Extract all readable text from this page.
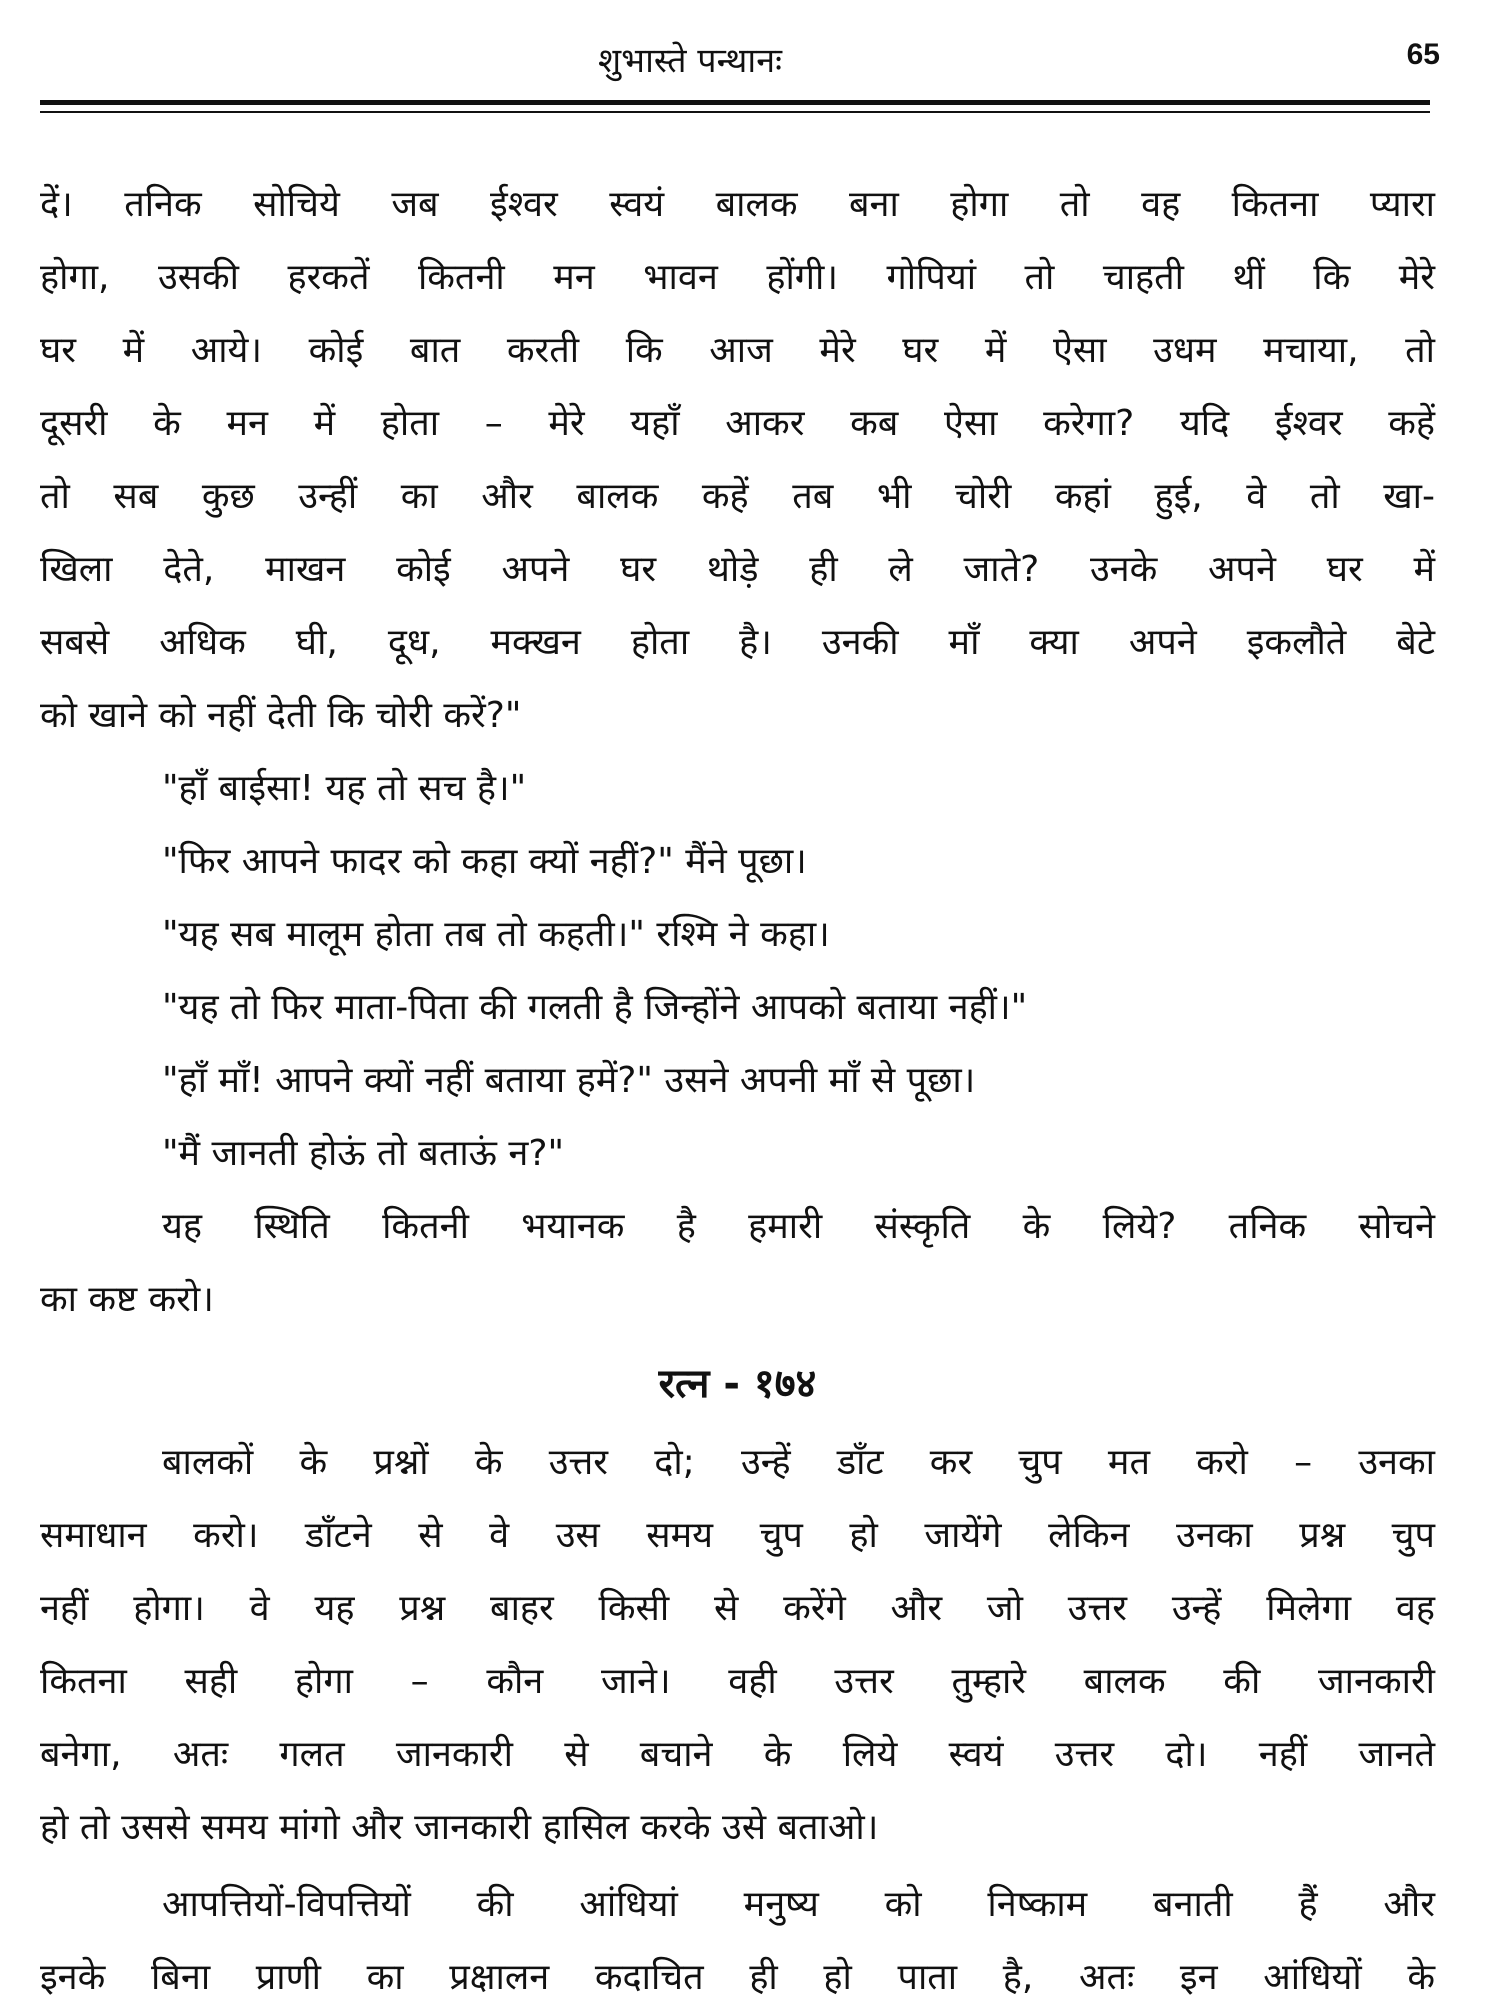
शुभास्ते पन्थानः	65

दें। तनिक सोचिये जब ईश्वर स्वयं बालक बना होगा तो वह कितना प्यारा

होगा, उसकी हरकतें कितनी मन भावन होंगी। गोपियां तो चाहती थीं कि मेरे

घर में आये। कोई बात करती कि आज मेरे घर में ऐसा उधम मचाया, तो

दूसरी के मन में होता – मेरे यहाँ आकर कब ऐसा करेगा? यदि ईश्वर कहें

तो सब कुछ उन्हीं का और बालक कहें तब भी चोरी कहां हुई, वे तो खा-

खिला देते, माखन कोई अपने घर थोड़े ही ले जाते? उनके अपने घर में

सबसे अधिक घी, दूध, मक्खन होता है। उनकी माँ क्या अपने इकलौते बेटे

को खाने को नहीं देती कि चोरी करें?"

"हाँ बाईसा! यह तो सच है।"

"फिर आपने फादर को कहा क्यों नहीं?" मैंने पूछा।

"यह सब मालूम होता तब तो कहती।" रश्मि ने कहा।

"यह तो फिर माता-पिता की गलती है जिन्होंने आपको बताया नहीं।"

"हाँ माँ! आपने क्यों नहीं बताया हमें?" उसने अपनी माँ से पूछा।

"मैं जानती होऊं तो बताऊं न?"

यह स्थिति कितनी भयानक है हमारी संस्कृति के लिये? तनिक सोचने

का कष्ट करो।

रत्न - १७४

बालकों के प्रश्नों के उत्तर दो; उन्हें डाँट कर चुप मत करो – उनका

समाधान करो। डाँटने से वे उस समय चुप हो जायेंगे लेकिन उनका प्रश्न चुप

नहीं होगा। वे यह प्रश्न बाहर किसी से करेंगे और जो उत्तर उन्हें मिलेगा वह

कितना सही होगा – कौन जाने। वही उत्तर तुम्हारे बालक की जानकारी

बनेगा, अतः गलत जानकारी से बचाने के लिये स्वयं उत्तर दो। नहीं जानते

हो तो उससे समय मांगो और जानकारी हासिल करके उसे बताओ।

आपत्तियों-विपत्तियों की आंधियां मनुष्य को निष्काम बनाती हैं और

इनके बिना प्राणी का प्रक्षालन कदाचित ही हो पाता है, अतः इन आंधियों के
